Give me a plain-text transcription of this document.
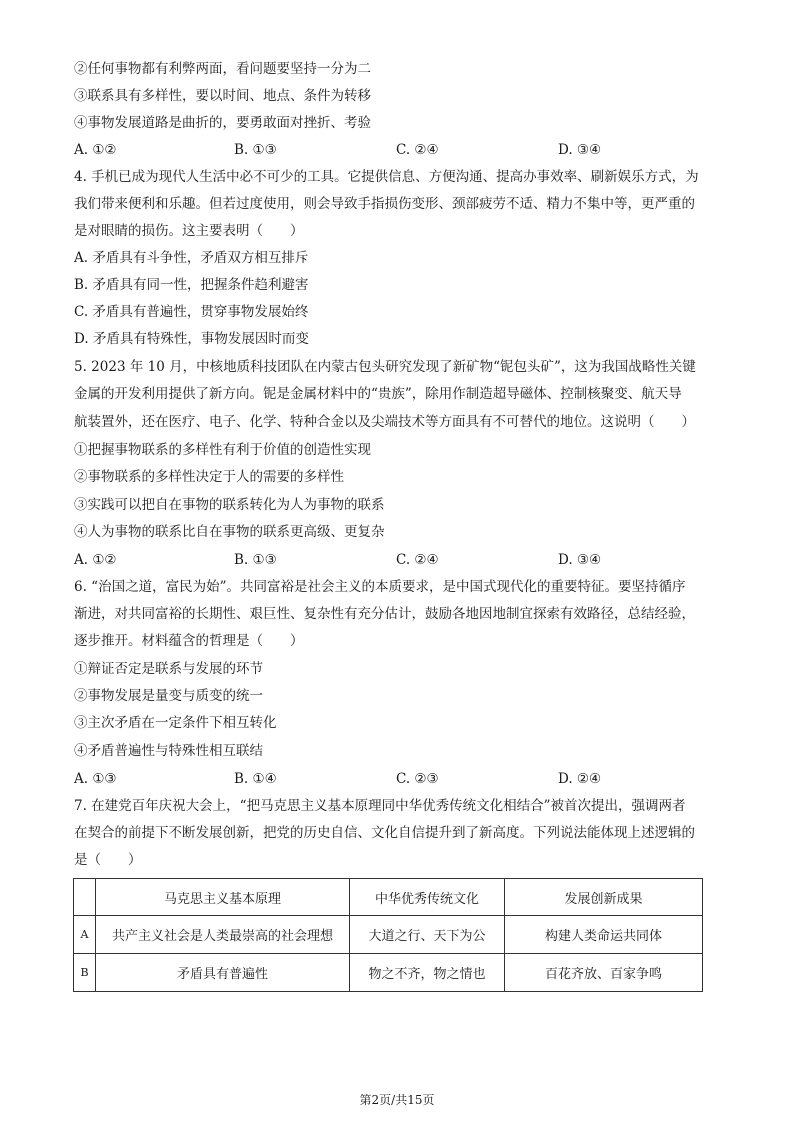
②任何事物都有利弊两面，看问题要坚持一分为二
③联系具有多样性，要以时间、地点、条件为转移
④事物发展道路是曲折的，要勇敢面对挫折、考验
A. ①②	B. ①③	C. ②④	D. ③④
4. 手机已成为现代人生活中必不可少的工具。它提供信息、方便沟通、提高办事效率、刷新娱乐方式，为
我们带来便利和乐趣。但若过度使用，则会导致手指损伤变形、颈部疲劳不适、精力不集中等，更严重的
是对眼睛的损伤。这主要表明（　　）
A. 矛盾具有斗争性，矛盾双方相互排斥
B. 矛盾具有同一性，把握条件趋利避害
C. 矛盾具有普遍性，贯穿事物发展始终
D. 矛盾具有特殊性，事物发展因时而变
5. 2023 年 10 月，中核地质科技团队在内蒙古包头研究发现了新矿物“铌包头矿”，这为我国战略性关键
金属的开发利用提供了新方向。铌是金属材料中的“贵族”，除用作制造超导磁体、控制核聚变、航天导
航装置外，还在医疗、电子、化学、特种合金以及尖端技术等方面具有不可替代的地位。这说明（　　）
①把握事物联系的多样性有利于价值的创造性实现
②事物联系的多样性决定于人的需要的多样性
③实践可以把自在事物的联系转化为人为事物的联系
④人为事物的联系比自在事物的联系更高级、更复杂
A. ①②	B. ①③	C. ②④	D. ③④
6. “治国之道，富民为始”。共同富裕是社会主义的本质要求，是中国式现代化的重要特征。要坚持循序
渐进，对共同富裕的长期性、艰巨性、复杂性有充分估计，鼓励各地因地制宜探索有效路径，总结经验，
逐步推开。材料蕴含的哲理是（　　）
①辩证否定是联系与发展的环节
②事物发展是量变与质变的统一
③主次矛盾在一定条件下相互转化
④矛盾普遍性与特殊性相互联结
A. ①③	B. ①④	C. ②③	D. ②④
7. 在建党百年庆祝大会上，“把马克思主义基本原理同中华优秀传统文化相结合”被首次提出，强调两者
在契合的前提下不断发展创新，把党的历史自信、文化自信提升到了新高度。下列说法能体现上述逻辑的
是（　　）
	马克思主义基本原理	中华优秀传统文化	发展创新成果
A	共产主义社会是人类最崇高的社会理想	大道之行、天下为公	构建人类命运共同体
B	矛盾具有普遍性	物之不齐，物之情也	百花齐放、百家争鸣
第2页/共15页
